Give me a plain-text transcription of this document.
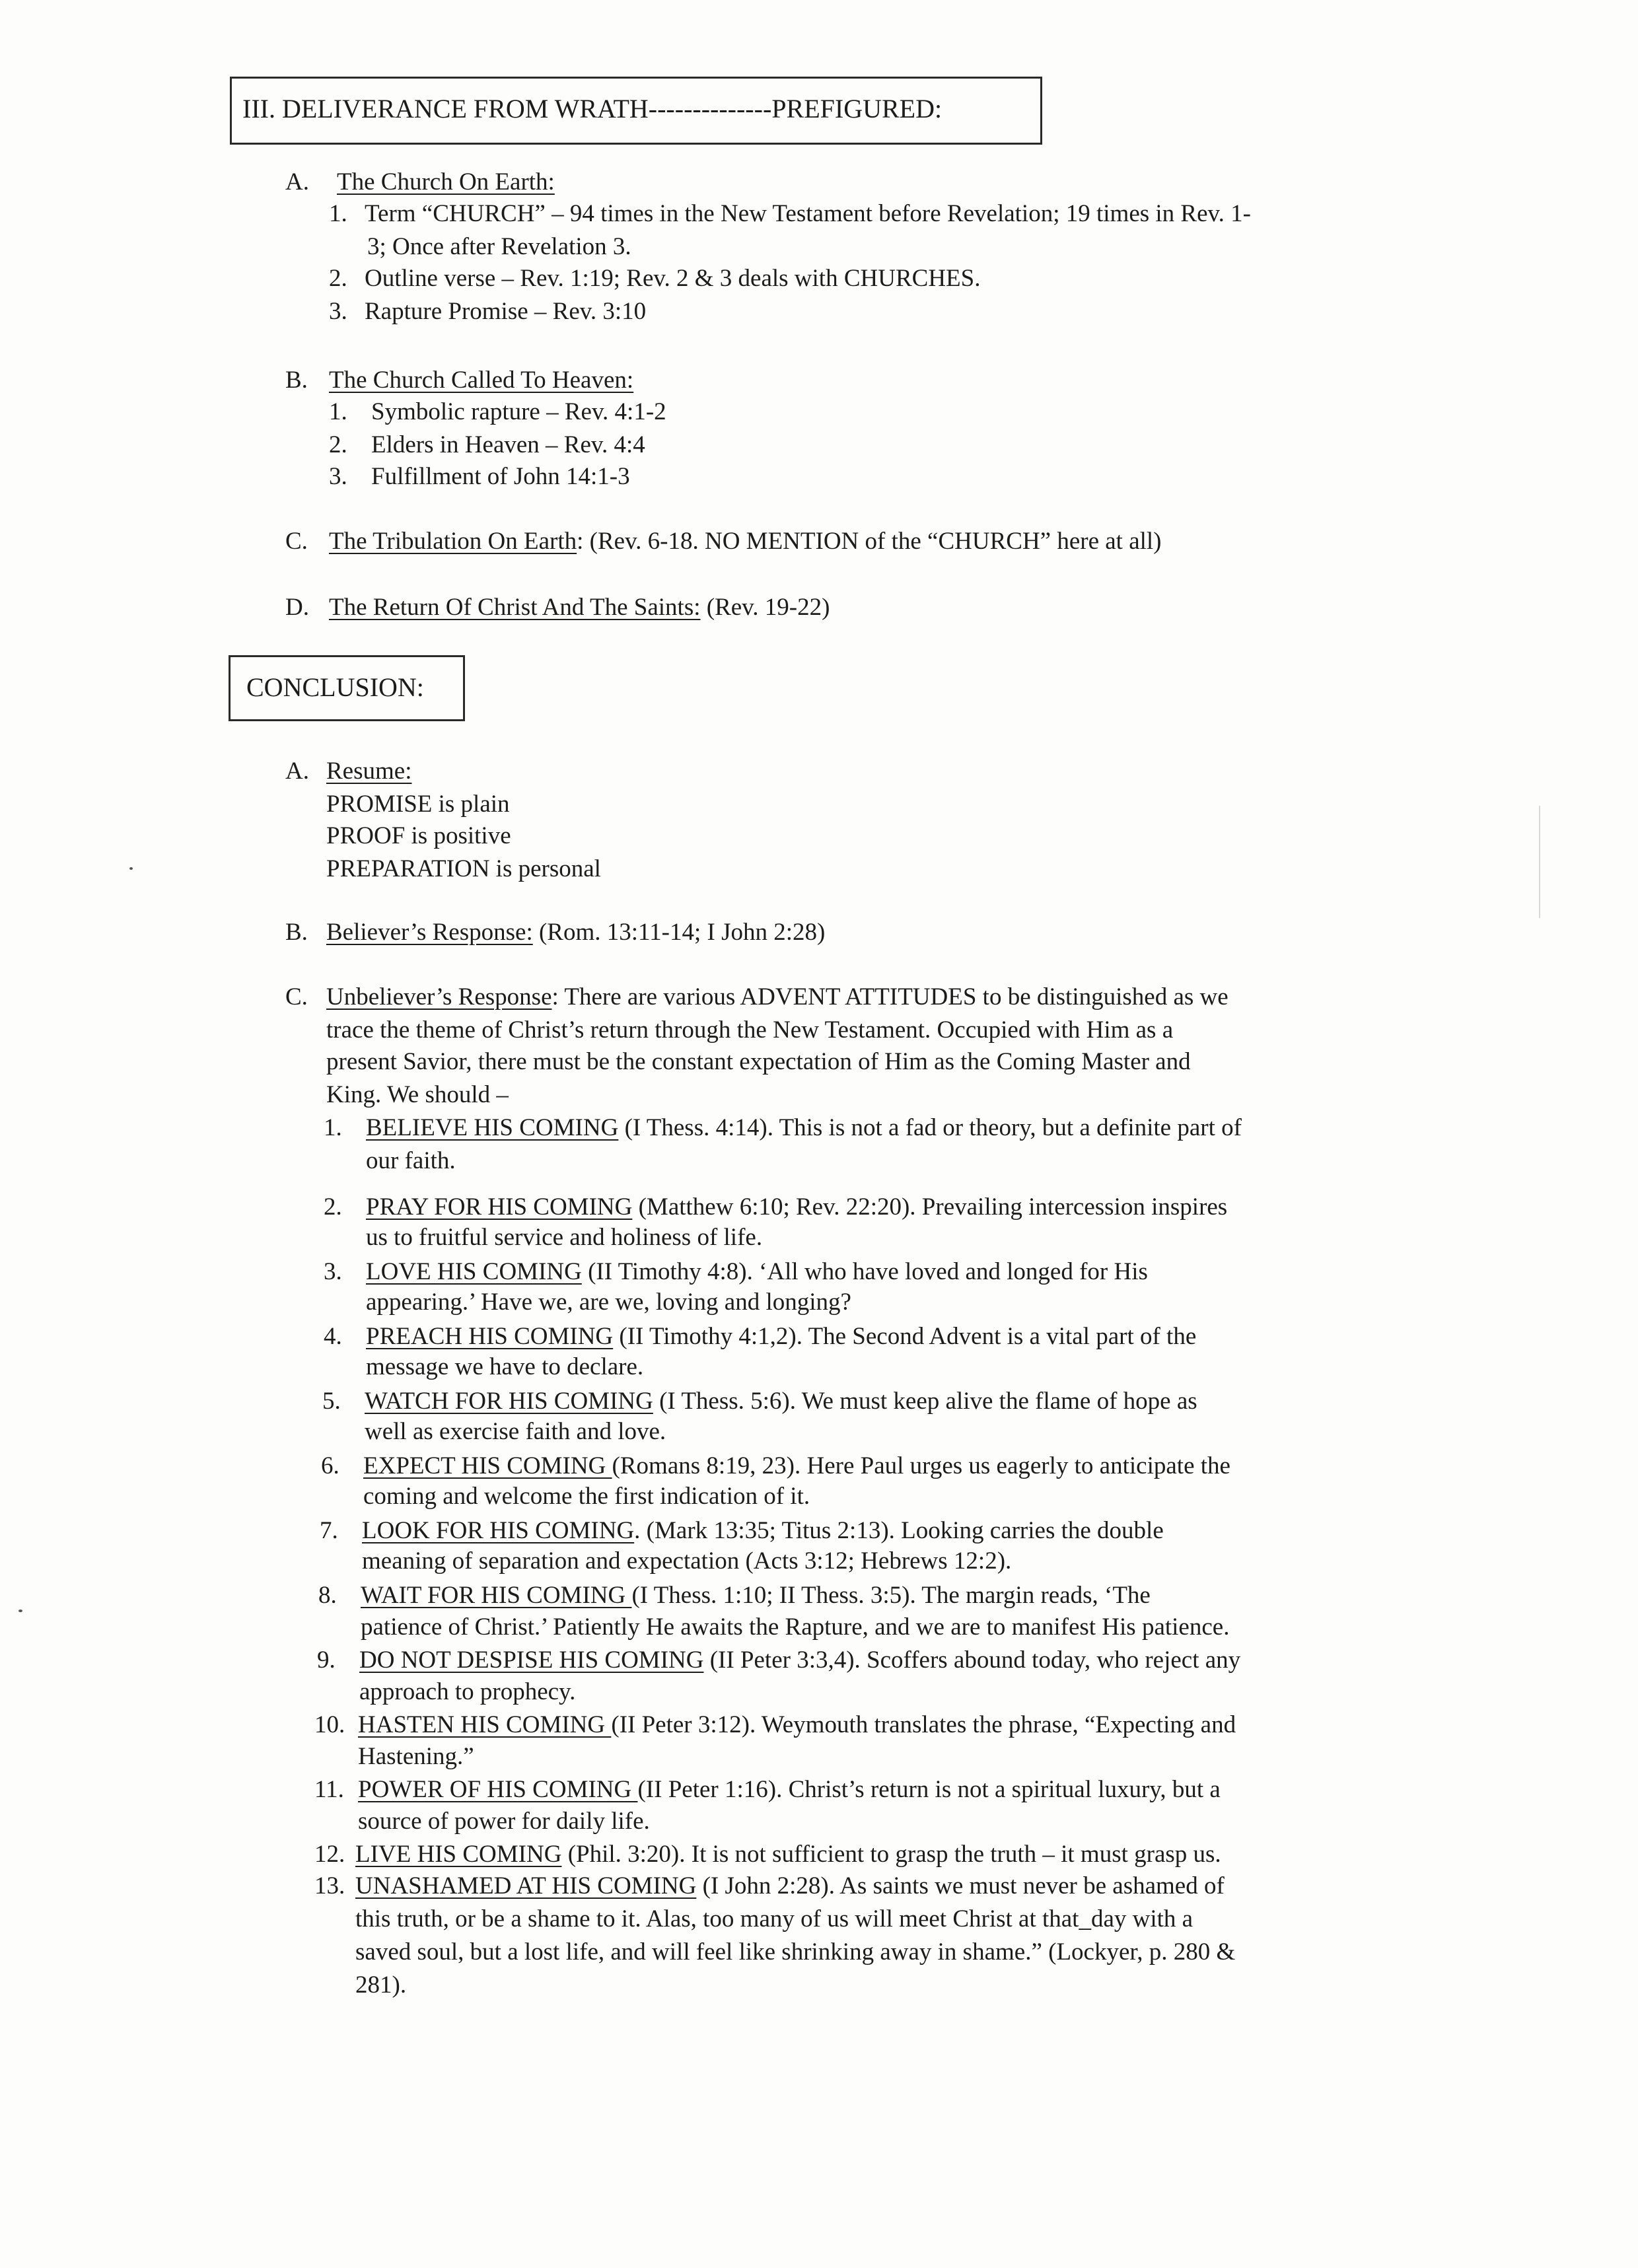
III. DELIVERANCE FROM WRATH--------------PREFIGURED:
A. The Church On Earth:
1. Term “CHURCH” – 94 times in the New Testament before Revelation; 19 times in Rev. 1-
3; Once after Revelation 3.
2. Outline verse – Rev. 1:19; Rev. 2 & 3 deals with CHURCHES.
3. Rapture Promise – Rev. 3:10
B. The Church Called To Heaven:
1. Symbolic rapture – Rev. 4:1-2
2. Elders in Heaven – Rev. 4:4
3. Fulfillment of John 14:1-3
C. The Tribulation On Earth: (Rev. 6-18. NO MENTION of the “CHURCH” here at all)
D. The Return Of Christ And The Saints: (Rev. 19-22)
CONCLUSION:
A. Resume:
PROMISE is plain
PROOF is positive
PREPARATION is personal
B. Believer’s Response: (Rom. 13:11-14; I John 2:28)
C. Unbeliever’s Response: There are various ADVENT ATTITUDES to be distinguished as we
trace the theme of Christ’s return through the New Testament. Occupied with Him as a
present Savior, there must be the constant expectation of Him as the Coming Master and
King. We should –
1. BELIEVE HIS COMING (I Thess. 4:14). This is not a fad or theory, but a definite part of
our faith.
2. PRAY FOR HIS COMING (Matthew 6:10; Rev. 22:20). Prevailing intercession inspires
us to fruitful service and holiness of life.
3. LOVE HIS COMING (II Timothy 4:8). ‘All who have loved and longed for His
appearing.’ Have we, are we, loving and longing?
4. PREACH HIS COMING (II Timothy 4:1,2). The Second Advent is a vital part of the
message we have to declare.
5. WATCH FOR HIS COMING (I Thess. 5:6). We must keep alive the flame of hope as
well as exercise faith and love.
6. EXPECT HIS COMING (Romans 8:19, 23). Here Paul urges us eagerly to anticipate the
coming and welcome the first indication of it.
7. LOOK FOR HIS COMING. (Mark 13:35; Titus 2:13). Looking carries the double
meaning of separation and expectation (Acts 3:12; Hebrews 12:2).
8. WAIT FOR HIS COMING (I Thess. 1:10; II Thess. 3:5). The margin reads, ‘The
patience of Christ.’ Patiently He awaits the Rapture, and we are to manifest His patience.
9. DO NOT DESPISE HIS COMING (II Peter 3:3,4). Scoffers abound today, who reject any
approach to prophecy.
10. HASTEN HIS COMING (II Peter 3:12). Weymouth translates the phrase, “Expecting and
Hastening.”
11. POWER OF HIS COMING (II Peter 1:16). Christ’s return is not a spiritual luxury, but a
source of power for daily life.
12. LIVE HIS COMING (Phil. 3:20). It is not sufficient to grasp the truth – it must grasp us.
13. UNASHAMED AT HIS COMING (I John 2:28). As saints we must never be ashamed of
this truth, or be a shame to it. Alas, too many of us will meet Christ at that_day with a
saved soul, but a lost life, and will feel like shrinking away in shame.” (Lockyer, p. 280 &
281).
